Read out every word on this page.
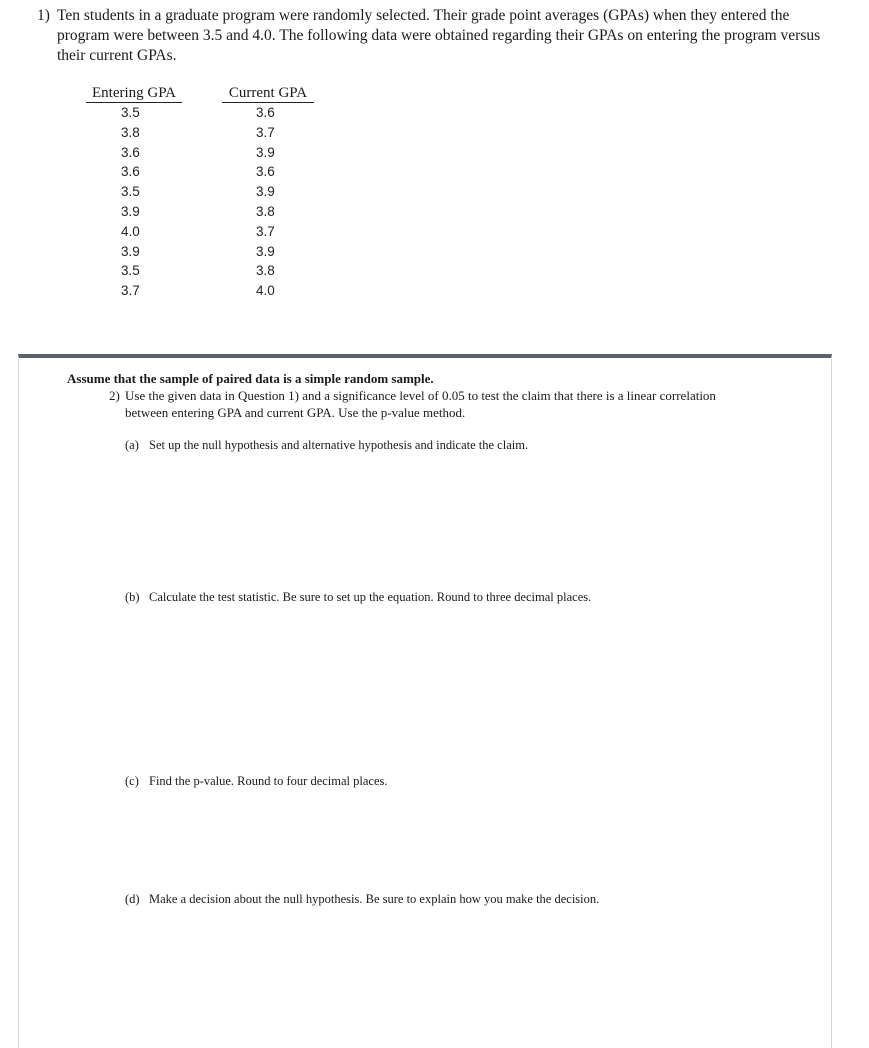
1) Ten students in a graduate program were randomly selected. Their grade point averages (GPAs) when they entered the program were between 3.5 and 4.0. The following data were obtained regarding their GPAs on entering the program versus their current GPAs.
Entering GPA
3.5
3.8
3.6
3.6
3.5
3.9
4.0
3.9
3.5
3.7
Current GPA
3.6
3.7
3.9
3.6
3.9
3.8
3.7
3.9
3.8
4.0
Assume that the sample of paired data is a simple random sample.
2) Use the given data in Question 1) and a significance level of 0.05 to test the claim that there is a linear correlation between entering GPA and current GPA. Use the p-value method.
(a) Set up the null hypothesis and alternative hypothesis and indicate the claim.
(b) Calculate the test statistic. Be sure to set up the equation. Round to three decimal places.
(c) Find the p-value. Round to four decimal places.
(d) Make a decision about the null hypothesis. Be sure to explain how you make the decision.
